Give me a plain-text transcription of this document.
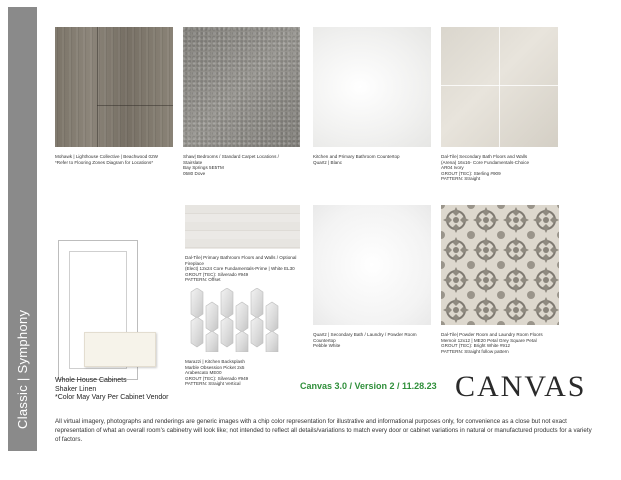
Classic | Symphony
Mohawk | Lighthouse Collective | Beachwood 02W
*Refer to Flooring Zones Diagram for Locations*
Shaw| Bedrooms / Standard Carpet Locations /
Stairslate
Bay Springs 5E5TM
0580 Dove
Kitchen and Primary Bathroom Countertop
Quartz | Blanc
Dal-Tile| Secondary Bath Floors and Walls
(Arena) 16x16- Core Fundamentals-Choice
AR04 Ivory
GROUT (TEC): Sterling #909
PATTERN: Straight
Whole House Cabinets
Shaker Linen
*Color May Vary Per Cabinet Vendor
Dal-Tile| Primary Bathroom Floors and Walls / Optional
Fireplace
(Elect) 12x24 Core Fundamentals-Prime | White EL30
GROUT (TEC): Silverado #949
PATTERN: Offset
Marazzi | Kitchen Backsplash
Marble Obsession Picket 2x5
Arabescato ME00
GROUT (TEC): Silverado #949
PATTERN: Straight Vertical
Quartz | Secondary Bath / Laundry / Powder Room
Countertop
Pebble White
Dal-Tile| Powder Room and Laundry Room Floors
Memoir 12x12 | ME20 Petal Grey Square Petal
GROUT (TEC): Bright White #912
PATTERN: Straight follow pattern
Canvas 3.0 / Version 2 / 11.28.23 CANVAS
All virtual imagery, photographs and renderings are generic images with a chip color representation for illustrative and informational purposes only, for convenience as a close but not exact representation of what an overall room's cabinetry will look like; not intended to reflect all details/variations to match every door or cabinet variations in natural or manufactured products for a variety of factors.
